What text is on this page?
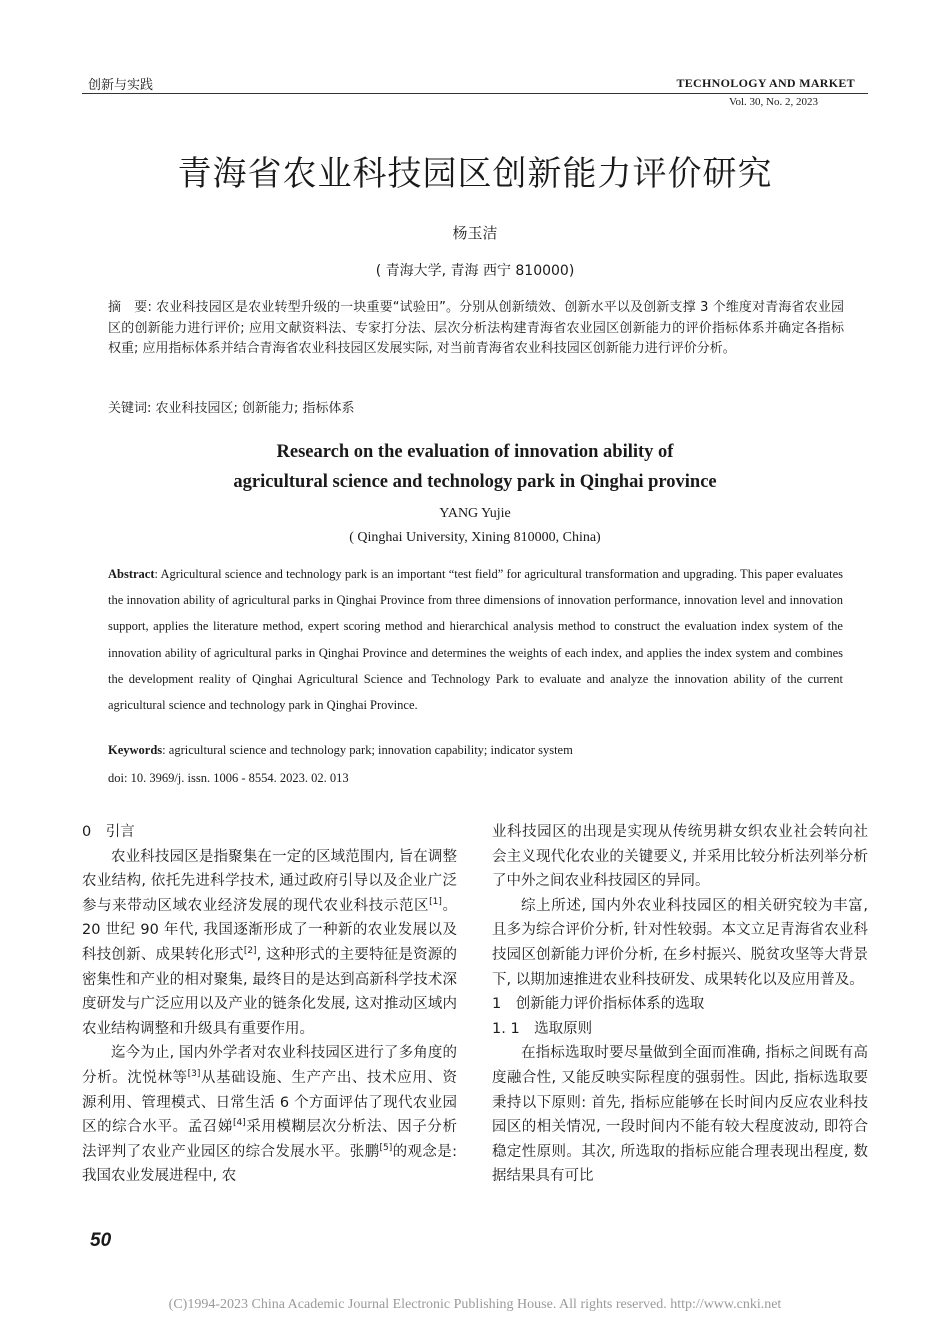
创新与实践	TECHNOLOGY AND MARKET
Vol. 30, No. 2, 2023
青海省农业科技园区创新能力评价研究
杨玉洁
( 青海大学, 青海 西宁 810000)
摘　要: 农业科技园区是农业转型升级的一块重要“试验田”。分别从创新绩效、创新水平以及创新支撑 3 个维度对青海省农业园区的创新能力进行评价; 应用文献资料法、专家打分法、层次分析法构建青海省农业园区创新能力的评价指标体系并确定各指标权重; 应用指标体系并结合青海省农业科技园区发展实际, 对当前青海省农业科技园区创新能力进行评价分析。
关键词: 农业科技园区; 创新能力; 指标体系
Research on the evaluation of innovation ability of
agricultural science and technology park in Qinghai province
YANG Yujie
( Qinghai University, Xining 810000, China)
Abstract: Agricultural science and technology park is an important “test field” for agricultural transformation and upgrading. This paper evaluates the innovation ability of agricultural parks in Qinghai Province from three dimensions of innovation performance, innovation level and innovation support, applies the literature method, expert scoring method and hierarchical analysis method to construct the evaluation index system of the innovation ability of agricultural parks in Qinghai Province and determines the weights of each index, and applies the index system and combines the development reality of Qinghai Agricultural Science and Technology Park to evaluate and analyze the innovation ability of the current agricultural science and technology park in Qinghai Province.
Keywords: agricultural science and technology park; innovation capability; indicator system
doi: 10. 3969/j. issn. 1006 - 8554. 2023. 02. 013

0　引言

农业科技园区是指聚集在一定的区域范围内, 旨在调整农业结构, 依托先进科学技术, 通过政府引导以及企业广泛参与来带动区域农业经济发展的现代农业科技示范区[1]。20 世纪 90 年代, 我国逐渐形成了一种新的农业发展以及科技创新、成果转化形式[2], 这种形式的主要特征是资源的密集性和产业的相对聚集, 最终目的是达到高新科学技术深度研发与广泛应用以及产业的链条化发展, 这对推动区域内农业结构调整和升级具有重要作用。

迄今为止, 国内外学者对农业科技园区进行了多角度的分析。沈悦林等[3]从基础设施、生产产出、技术应用、资源利用、管理模式、日常生活 6 个方面评估了现代农业园区的综合水平。孟召娣[4]采用模糊层次分析法、因子分析法评判了农业产业园区的综合发展水平。张鹏[5]的观念是: 我国农业发展进程中, 农

业科技园区的出现是实现从传统男耕女织农业社会转向社会主义现代化农业的关键要义, 并采用比较分析法列举分析了中外之间农业科技园区的异同。

综上所述, 国内外农业科技园区的相关研究较为丰富, 且多为综合评价分析, 针对性较弱。本文立足青海省农业科技园区创新能力评价分析, 在乡村振兴、脱贫攻坚等大背景下, 以期加速推进农业科技研发、成果转化以及应用普及。

1　创新能力评价指标体系的选取

1. 1　选取原则

在指标选取时要尽量做到全面而准确, 指标之间既有高度融合性, 又能反映实际程度的强弱性。因此, 指标选取要秉持以下原则: 首先, 指标应能够在长时间内反应农业科技园区的相关情况, 一段时间内不能有较大程度波动, 即符合稳定性原则。其次, 所选取的指标应能合理表现出程度, 数据结果具有可比

50
(C)1994-2023 China Academic Journal Electronic Publishing House. All rights reserved. http://www.cnki.net
